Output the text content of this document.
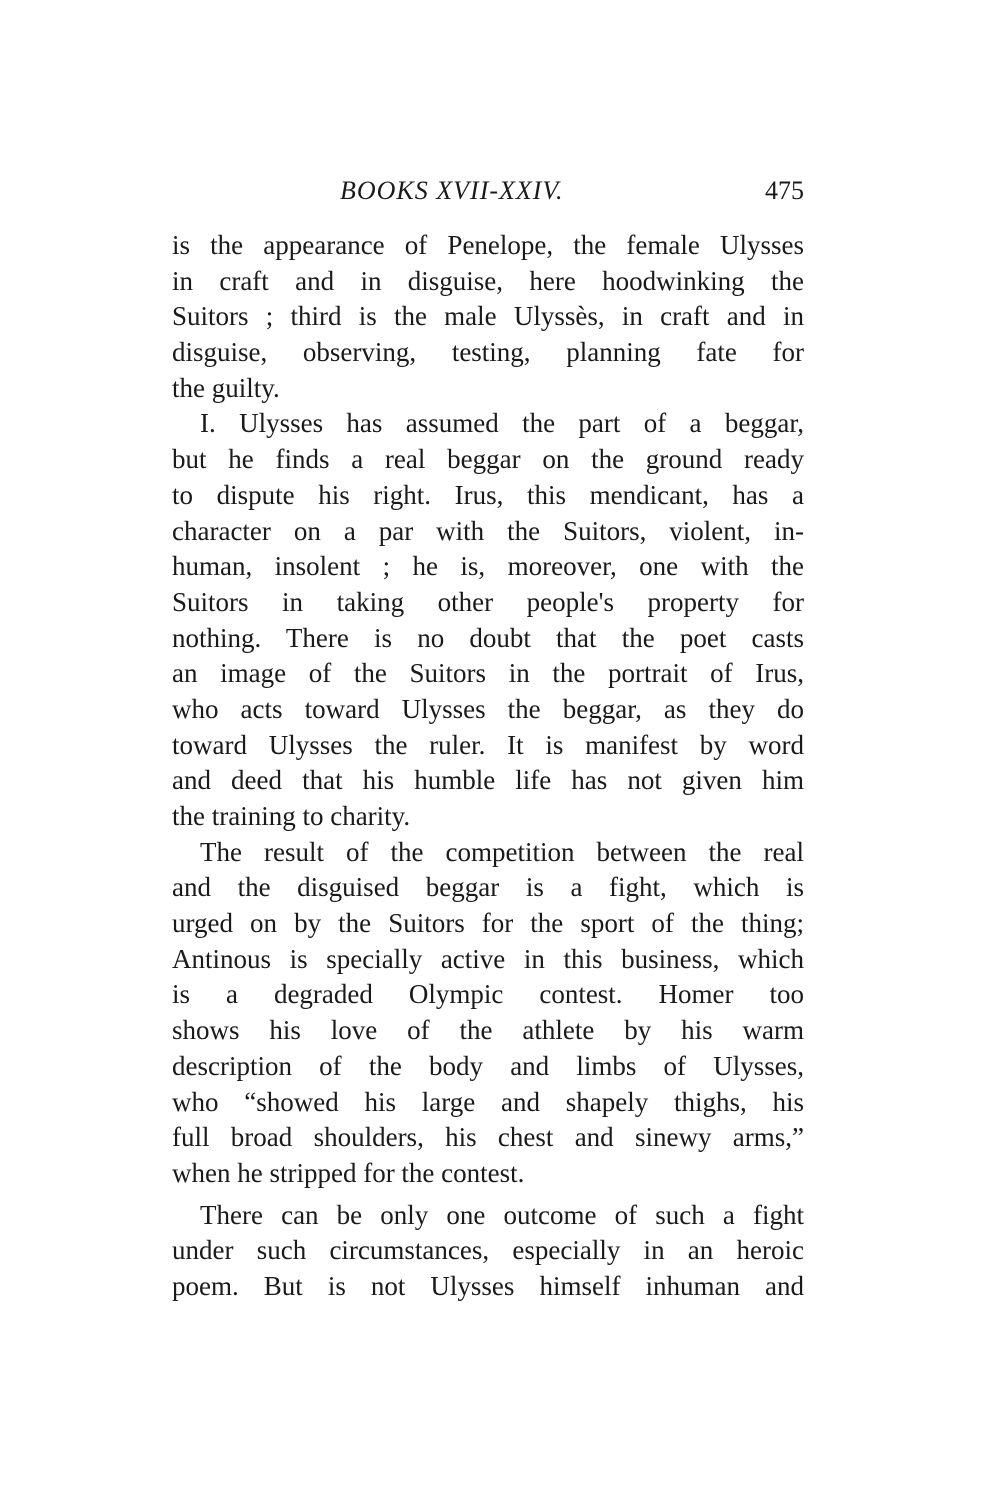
BOOKS XVII-XXIV.	475
is the appearance of Penelope, the female Ulysses
in craft and in disguise, here hoodwinking the
Suitors ; third is the male Ulyssès, in craft and in
disguise, observing, testing, planning fate for
the guilty.
I. Ulysses has assumed the part of a beggar,
but he finds a real beggar on the ground ready
to dispute his right. Irus, this mendicant, has a
character on a par with the Suitors, violent, in-
human, insolent ; he is, moreover, one with the
Suitors in taking other people's property for
nothing. There is no doubt that the poet casts
an image of the Suitors in the portrait of Irus,
who acts toward Ulysses the beggar, as they do
toward Ulysses the ruler. It is manifest by word
and deed that his humble life has not given him
the training to charity.
The result of the competition between the real
and the disguised beggar is a fight, which is
urged on by the Suitors for the sport of the thing;
Antinous is specially active in this business, which
is a degraded Olympic contest. Homer too
shows his love of the athlete by his warm
description of the body and limbs of Ulysses,
who “showed his large and shapely thighs, his
full broad shoulders, his chest and sinewy arms,”
when he stripped for the contest.
There can be only one outcome of such a fight
under such circumstances, especially in an heroic
poem. But is not Ulysses himself inhuman and
